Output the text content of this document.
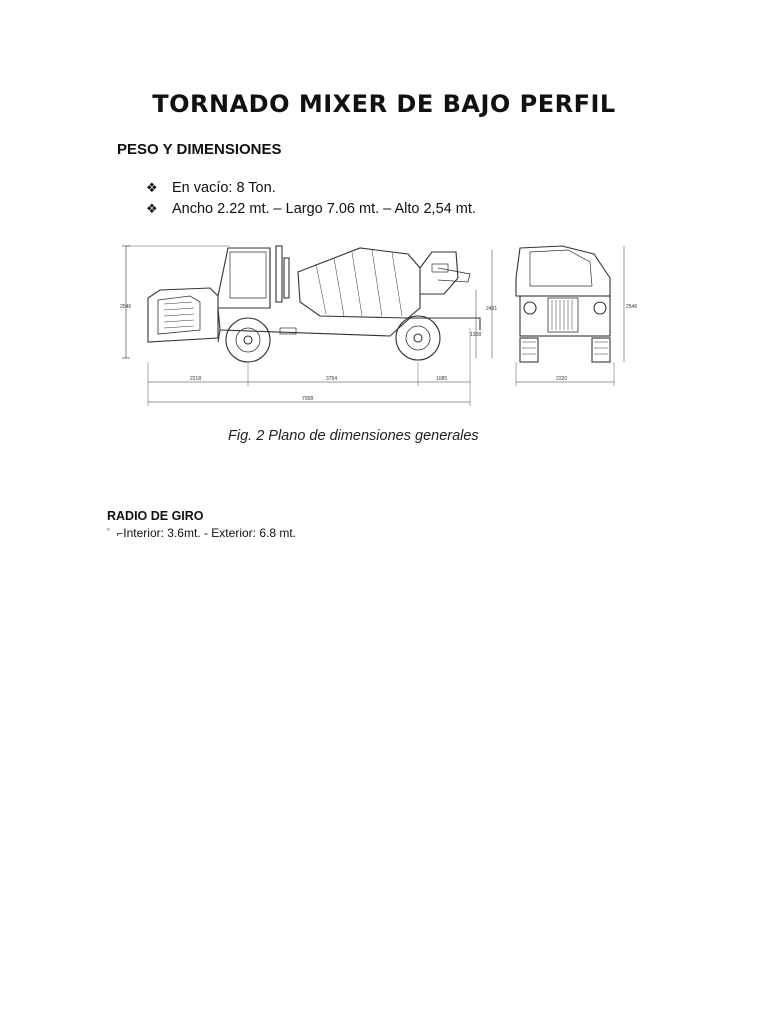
TORNADO MIXER DE BAJO PERFIL
PESO Y DIMENSIONES
❖ En vacío: 8 Ton.
❖ Ancho 2.22 mt. – Largo 7.06 mt. – Alto 2,54 mt.
2546	2491
1308
2218	3754	1085
7058
2220
2546
Fig. 2 Plano de dimensiones generales
RADIO DE GIRO
▫ ⌐Interior: 3.6mt. - Exterior: 6.8 mt.
